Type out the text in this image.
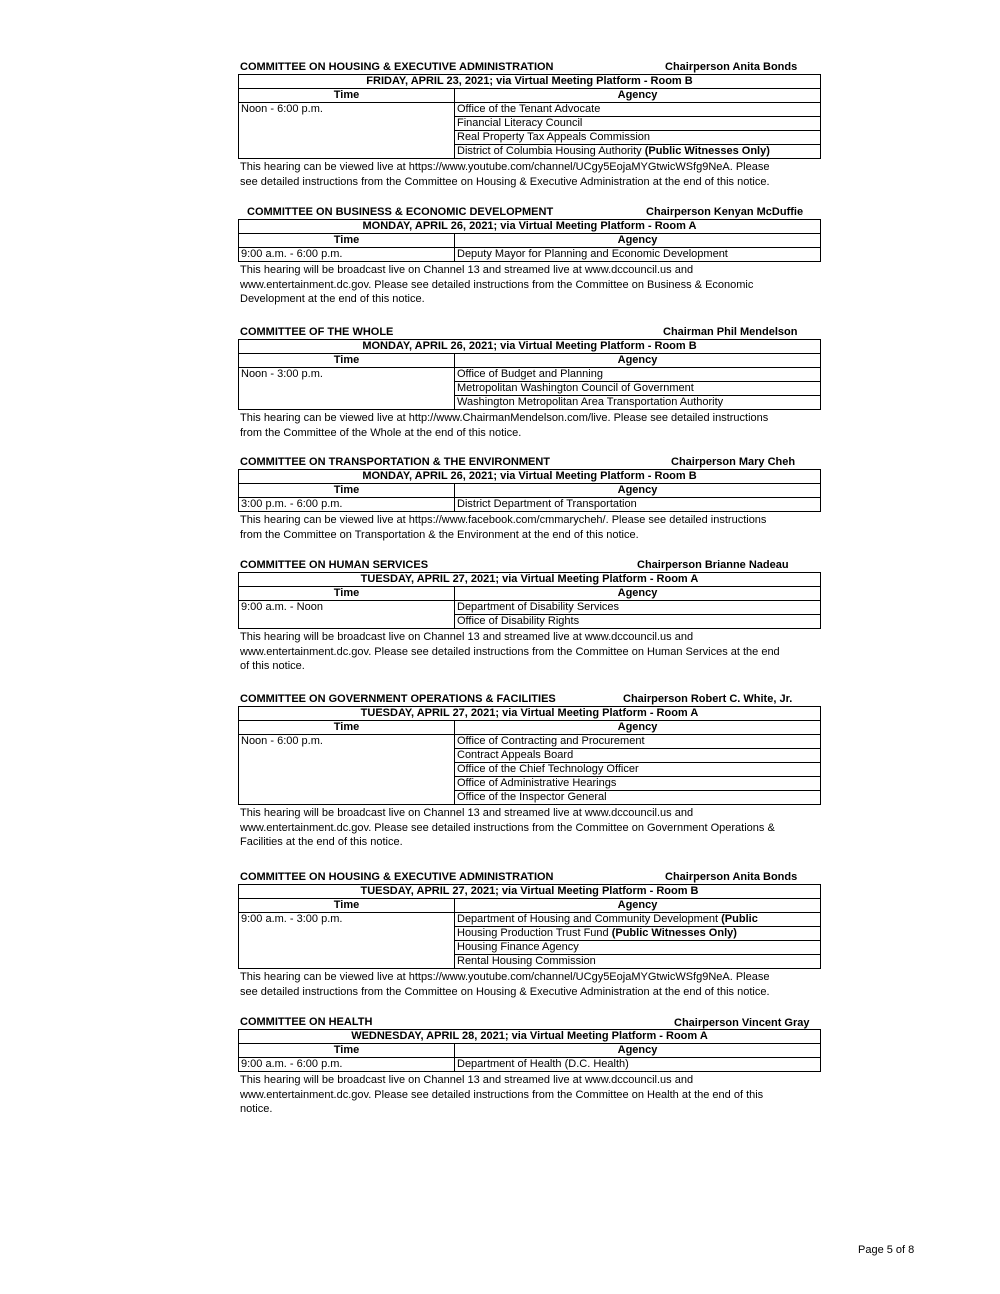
COMMITTEE ON HOUSING & EXECUTIVE ADMINISTRATION	Chairperson Anita Bonds
FRIDAY, APRIL 23, 2021; via Virtual Meeting Platform - Room B	
Time	Agency
Noon - 6:00 p.m.	Office of the Tenant Advocate
	Financial Literacy Council
	Real Property Tax Appeals Commission
	District of Columbia Housing Authority (Public Witnesses Only)
This hearing can be viewed live at https://www.youtube.com/channel/UCgy5EojaMYGtwicWSfg9NeA. Please
see detailed instructions from the Committee on Housing & Executive Administration at the end of this notice.
COMMITTEE ON BUSINESS & ECONOMIC DEVELOPMENT	Chairperson Kenyan McDuffie
MONDAY, APRIL 26, 2021; via Virtual Meeting Platform - Room A	
Time	Agency
9:00 a.m. - 6:00 p.m.	Deputy Mayor for Planning and Economic Development
This hearing will be broadcast live on Channel 13 and streamed live at www.dccouncil.us and
www.entertainment.dc.gov. Please see detailed instructions from the Committee on Business & Economic
Development at the end of this notice.
COMMITTEE OF THE WHOLE	Chairman Phil Mendelson
MONDAY, APRIL 26, 2021; via Virtual Meeting Platform - Room B	
Time	Agency
Noon - 3:00 p.m.	Office of Budget and Planning
	Metropolitan Washington Council of Government
	Washington Metropolitan Area Transportation Authority
This hearing can be viewed live at http://www.ChairmanMendelson.com/live. Please see detailed instructions
from the Committee of the Whole at the end of this notice.
COMMITTEE ON TRANSPORTATION & THE ENVIRONMENT	Chairperson Mary Cheh
MONDAY, APRIL 26, 2021; via Virtual Meeting Platform - Room B	
Time	Agency
3:00 p.m. - 6:00 p.m.	District Department of Transportation
This hearing can be viewed live at https://www.facebook.com/cmmarycheh/. Please see detailed instructions
from the Committee on Transportation & the Environment at the end of this notice.
COMMITTEE ON HUMAN SERVICES	Chairperson Brianne Nadeau
TUESDAY, APRIL 27, 2021; via Virtual Meeting Platform - Room A	
Time	Agency
9:00 a.m. - Noon	Department of Disability Services
	Office of Disability Rights
This hearing will be broadcast live on Channel 13 and streamed live at www.dccouncil.us and
www.entertainment.dc.gov. Please see detailed instructions from the Committee on Human Services at the end
of this notice.
COMMITTEE ON GOVERNMENT OPERATIONS & FACILITIES	Chairperson Robert C. White, Jr.
TUESDAY, APRIL 27, 2021; via Virtual Meeting Platform - Room A	
Time	Agency
Noon - 6:00 p.m.	Office of Contracting and Procurement
	Contract Appeals Board
	Office of the Chief Technology Officer
	Office of Administrative Hearings
	Office of the Inspector General
This hearing will be broadcast live on Channel 13 and streamed live at www.dccouncil.us and
www.entertainment.dc.gov. Please see detailed instructions from the Committee on Government Operations &
Facilities at the end of this notice.
COMMITTEE ON HOUSING & EXECUTIVE ADMINISTRATION	Chairperson Anita Bonds
TUESDAY, APRIL 27, 2021; via Virtual Meeting Platform - Room B	
Time	Agency
9:00 a.m. - 3:00 p.m.	Department of Housing and Community Development (Public
	Housing Production Trust Fund (Public Witnesses Only)
	Housing Finance Agency
	Rental Housing Commission
This hearing can be viewed live at https://www.youtube.com/channel/UCgy5EojaMYGtwicWSfg9NeA. Please
see detailed instructions from the Committee on Housing & Executive Administration at the end of this notice.
COMMITTEE ON HEALTH	Chairperson Vincent Gray
WEDNESDAY, APRIL 28, 2021; via Virtual Meeting Platform - Room A	
Time	Agency
9:00 a.m. - 6:00 p.m.	Department of Health (D.C. Health)
This hearing will be broadcast live on Channel 13 and streamed live at www.dccouncil.us and
www.entertainment.dc.gov. Please see detailed instructions from the Committee on Health at the end of this
notice.
Page 5 of 8
